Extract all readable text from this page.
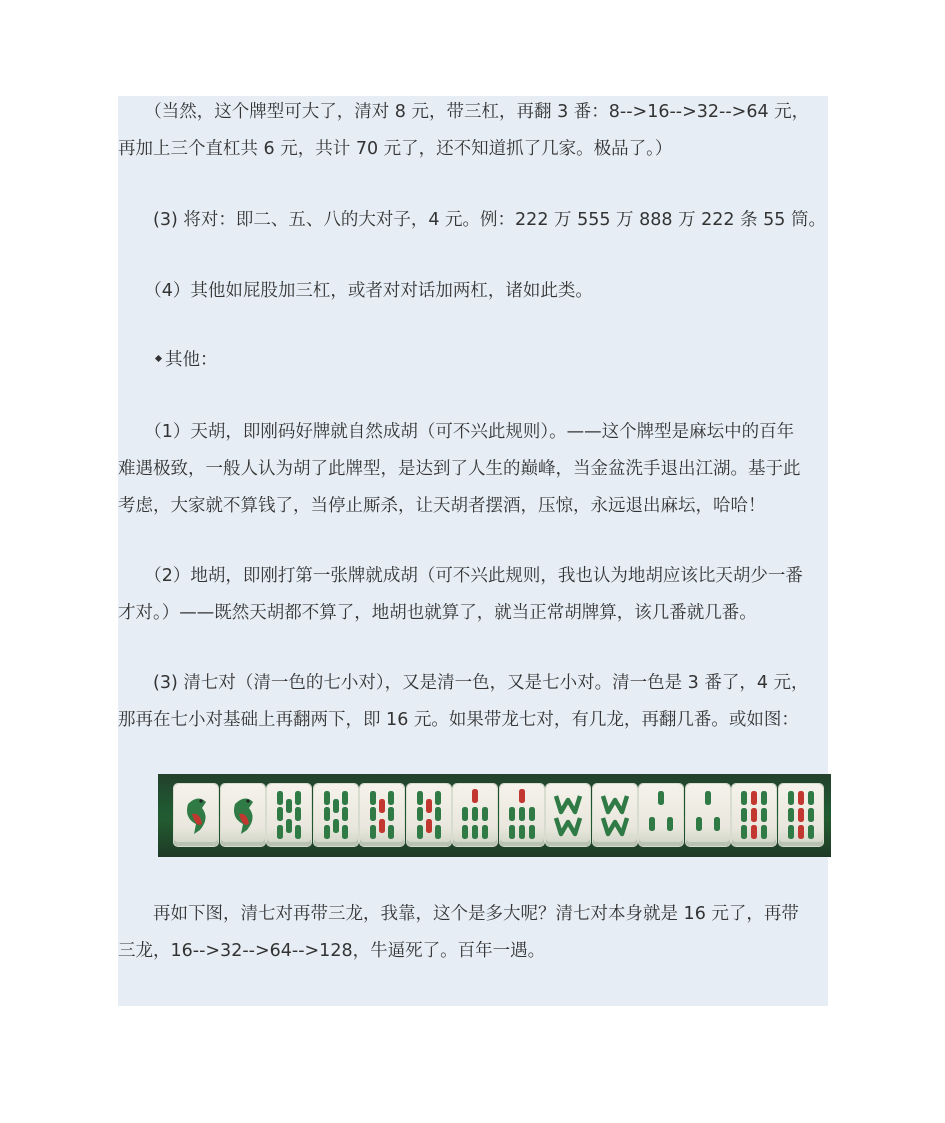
　　（当然，这个牌型可大了，清对 8 元，带三杠，再翻 3 番：8-->16-->32-->64 元，
再加上三个直杠共 6 元，共计 70 元了，还不知道抓了几家。极品了。）

　　(3) 将对：即二、五、八的大对子，4 元。例：222 万 555 万 888 万 222 条 55 筒。

　　（4）其他如屁股加三杠，或者对对话加两杠，诸如此类。

其他：

　　（1）天胡，即刚码好牌就自然成胡（可不兴此规则）。——这个牌型是麻坛中的百年
难遇极致，一般人认为胡了此牌型，是达到了人生的巅峰，当金盆洗手退出江湖。基于此
考虑，大家就不算钱了，当停止厮杀，让天胡者摆酒，压惊，永远退出麻坛，哈哈！

　　（2）地胡，即刚打第一张牌就成胡（可不兴此规则，我也认为地胡应该比天胡少一番
才对。）——既然天胡都不算了，地胡也就算了，就当正常胡牌算，该几番就几番。

　　(3) 清七对（清一色的七小对），又是清一色，又是七小对。清一色是 3 番了，4 元，
那再在七小对基础上再翻两下，即 16 元。如果带龙七对，有几龙，再翻几番。或如图：

　　再如下图，清七对再带三龙，我靠，这个是多大呢？清七对本身就是 16 元了，再带
三龙，16-->32-->64-->128，牛逼死了。百年一遇。
